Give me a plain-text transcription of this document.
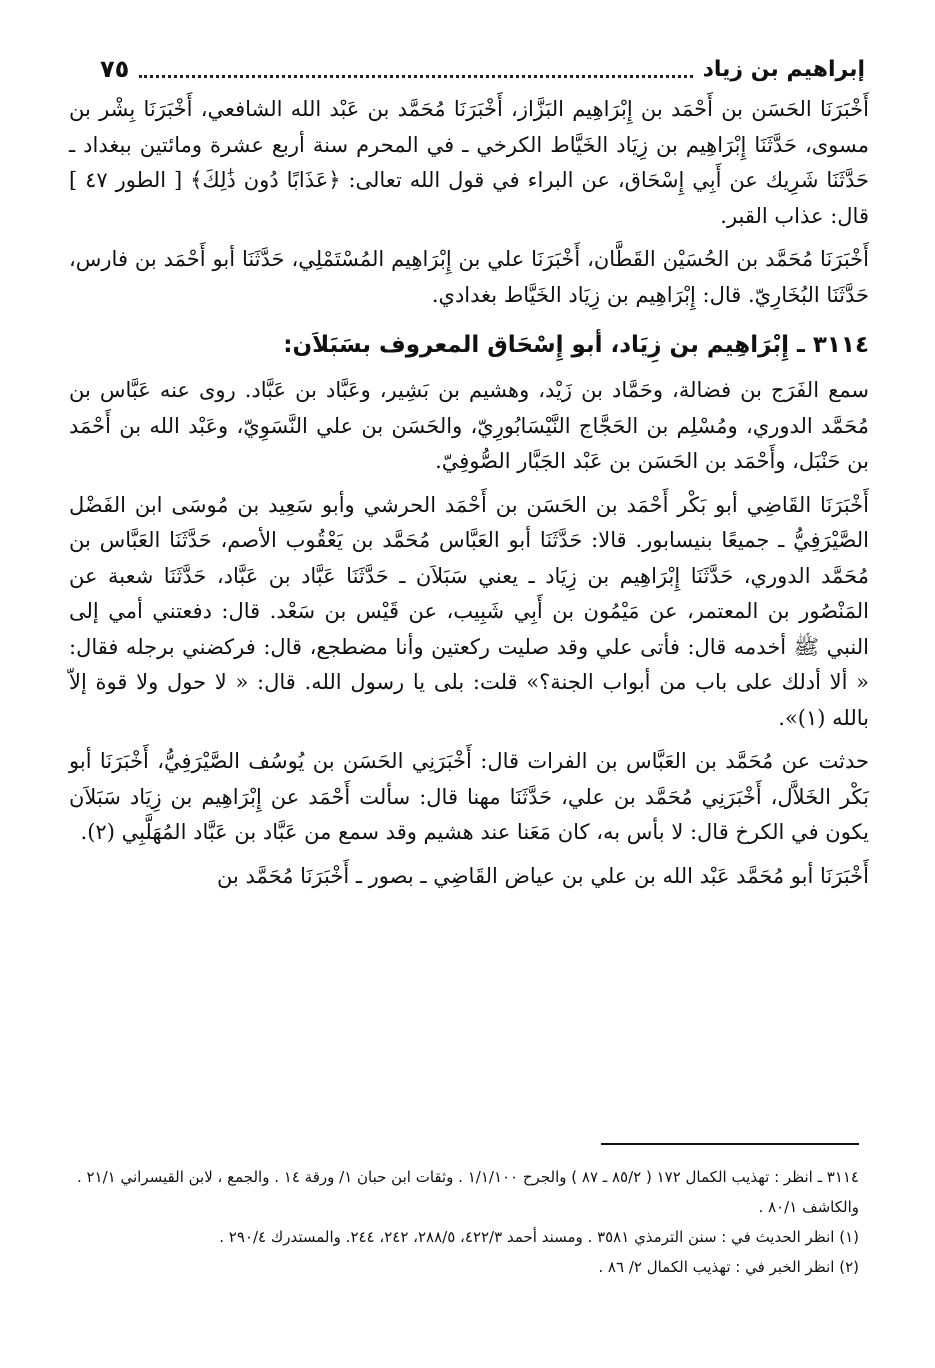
إبراهيم بن زياد
٧٥

أَخْبَرَنَا الحَسَن بن أَحْمَد بن إِبْرَاهِيم البَزَّاز، أَخْبَرَنَا مُحَمَّد بن عَبْد الله الشافعي، أَخْبَرَنَا بِشْر بن مسوى، حَدَّثَنَا إِبْرَاهِيم بن زِيَاد الخَيَّاط الكرخي ـ في المحرم سنة أربع عشرة ومائتين ببغداد ـ حَدَّثَنَا شَرِيك عن أَبِي إِسْحَاق، عن البراء في قول الله تعالى: ﴿عَذَابًا دُون ذَٰلِكَ﴾ [ الطور ٤٧ ] قال: عذاب القبر.

أَخْبَرَنَا مُحَمَّد بن الحُسَيْن القَطَّان، أَخْبَرَنَا علي بن إِبْرَاهِيم المُسْتَمْلِي، حَدَّثَنَا أبو أَحْمَد بن فارس، حَدَّثَنَا البُخَارِيّ. قال: إِبْرَاهِيم بن زِيَاد الخَيَّاط بغدادي.

٣١١٤ ـ إِبْرَاهِيم بن زِيَاد، أبو إِسْحَاق المعروف بسَبَلاَن:

سمع الفَرَج بن فضالة، وحَمَّاد بن زَيْد، وهشيم بن بَشِير، وعَبَّاد بن عَبَّاد. روى عنه عَبَّاس بن مُحَمَّد الدوري، ومُسْلِم بن الحَجَّاج النَّيْسَابُورِيّ، والحَسَن بن علي النَّسَوِيّ، وعَبْد الله بن أَحْمَد بن حَنْبَل، وأَحْمَد بن الحَسَن بن عَبْد الجَبَّار الصُّوفِيّ.

أَخْبَرَنَا القَاضِي أبو بَكْر أَحْمَد بن الحَسَن بن أَحْمَد الحرشي وأبو سَعِيد بن مُوسَى ابن الفَضْل الصَّيْرَفِيُّ ـ جميعًا بنيسابور. قالا: حَدَّثَنَا أبو العَبَّاس مُحَمَّد بن يَعْقُوب الأصم، حَدَّثَنَا العَبَّاس بن مُحَمَّد الدوري، حَدَّثَنَا إِبْرَاهِيم بن زِيَاد ـ يعني سَبَلاَن ـ حَدَّثَنَا عَبَّاد بن عَبَّاد، حَدَّثَنَا شعبة عن المَنْصُور بن المعتمر، عن مَيْمُون بن أَبِي شَبِيب، عن قَيْس بن سَعْد. قال: دفعتني أمي إلى النبي ﷺ أخدمه قال: فأتى علي وقد صليت ركعتين وأنا مضطجع، قال: فركضني برجله فقال: « ألا أدلك على باب من أبواب الجنة؟» قلت: بلى يا رسول الله. قال: « لا حول ولا قوة إلاّ بالله (١)».

حدثت عن مُحَمَّد بن العَبَّاس بن الفرات قال: أَخْبَرَنِي الحَسَن بن يُوسُف الصَّيْرَفِيُّ، أَخْبَرَنَا أبو بَكْر الخَلاَّل، أَخْبَرَنِي مُحَمَّد بن علي، حَدَّثَنَا مهنا قال: سألت أَحْمَد عن إِبْرَاهِيم بن زِيَاد سَبَلاَن يكون في الكرخ قال: لا بأس به، كان مَعَنا عند هشيم وقد سمع من عَبَّاد بن عَبَّاد المُهَلَّبِي (٢).

أَخْبَرَنَا أبو مُحَمَّد عَبْد الله بن علي بن عياض القَاضِي ـ بصور ـ أَخْبَرَنَا مُحَمَّد بن

٣١١٤ ـ انظر : تهذيب الكمال ١٧٢ ( ٨٥/٢ ـ ٨٧ ) والجرح ١/١/١٠٠ . وثقات ابن حبان ١/ ورقة ١٤ . والجمع ، لابن القيسراني ٢١/١ . والكاشف ٨٠/١ .

(١) انظر الحديث في : سنن الترمذي ٣٥٨١ . ومسند أحمد ٤٢٢/٣، ٢٨٨/٥، ٢٤٢، ٢٤٤. والمستدرك ٢٩٠/٤ .

(٢) انظر الخبر في : تهذيب الكمال ٢/ ٨٦ .
